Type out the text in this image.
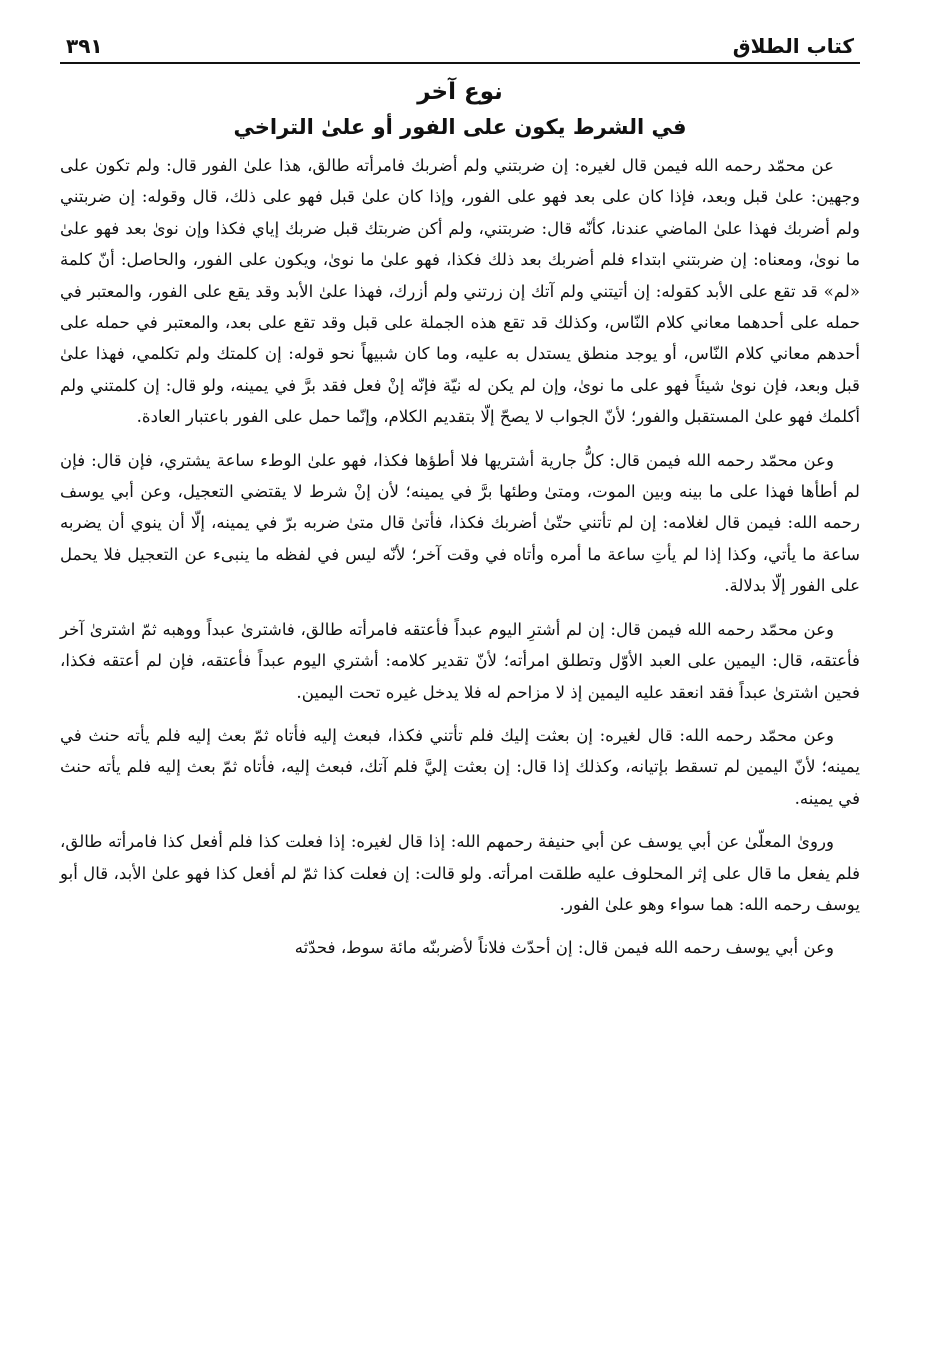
كتاب الطلاق
٣٩١
نوع آخر
في الشرط يكون على الفور أو علىٰ التراخي

عن محمّد رحمه الله فيمن قال لغيره: إن ضربتني ولم أضربك فامرأته طالق، هذا علىٰ الفور قال: ولم تكون على وجهين: علىٰ قبل وبعد، فإذا كان على بعد فهو على الفور، وإذا كان علىٰ قبل فهو على ذلك، قال وقوله: إن ضربتني ولم أضربك فهذا علىٰ الماضي عندنا، كأنّه قال: ضربتني، ولم أكن ضربتك قبل ضربك إياي فكذا وإن نوىٰ بعد فهو علىٰ ما نوىٰ، ومعناه: إن ضربتني ابتداء فلم أضربك بعد ذلك فكذا، فهو علىٰ ما نوىٰ، ويكون على الفور، والحاصل: أنّ كلمة «لم» قد تقع على الأبد كقوله: إن أتيتني ولم آتك إن زرتني ولم أزرك، فهذا علىٰ الأبد وقد يقع على الفور، والمعتبر في حمله على أحدهما معاني كلام النّاس، وكذلك قد تقع هذه الجملة على قبل وقد تقع على بعد، والمعتبر في حمله على أحدهم معاني كلام النّاس، أو يوجد منطق يستدل به عليه، وما كان شبيهاً نحو قوله: إن كلمتك ولم تكلمي، فهذا علىٰ قبل وبعد، فإن نوىٰ شيئاً فهو على ما نوىٰ، وإن لم يكن له نيّة فإنّه إنْ فعل فقد برَّ في يمينه، ولو قال: إن كلمتني ولم أكلمك فهو علىٰ المستقبل والفور؛ لأنّ الجواب لا يصحّ إلّا بتقديم الكلام، وإنّما حمل على الفور باعتبار العادة.

وعن محمّد رحمه الله فيمن قال: كلُّ جارية أشتريها فلا أطؤها فكذا، فهو علىٰ الوطء ساعة يشتري، فإن قال: فإن لم أطأها فهذا على ما بينه وبين الموت، ومتىٰ وطئها برَّ في يمينه؛ لأن إنْ شرط لا يقتضي التعجيل، وعن أبي يوسف رحمه الله: فيمن قال لغلامه: إن لم تأتني حتّىٰ أضربك فكذا، فأتىٰ قال متىٰ ضربه برّ في يمينه، إلّا أن ينوي أن يضربه ساعة ما يأتي، وكذا إذا لم يأتِ ساعة ما أمره وأتاه في وقت آخر؛ لأنّه ليس في لفظه ما ينبىء عن التعجيل فلا يحمل على الفور إلّا بدلالة.

وعن محمّد رحمه الله فيمن قال: إن لم أشترِ اليوم عبداً فأعتقه فامرأته طالق، فاشترىٰ عبداً ووهبه ثمّ اشترىٰ آخر فأعتقه، قال: اليمين على العبد الأوّل وتطلق امرأته؛ لأنّ تقدير كلامه: أشتري اليوم عبداً فأعتقه، فإن لم أعتقه فكذا، فحين اشترىٰ عبداً فقد انعقد عليه اليمين إذ لا مزاحم له فلا يدخل غيره تحت اليمين.

وعن محمّد رحمه الله: قال لغيره: إن بعثت إليك فلم تأتني فكذا، فبعث إليه فأتاه ثمّ بعث إليه فلم يأته حنث في يمينه؛ لأنّ اليمين لم تسقط بإتيانه، وكذلك إذا قال: إن بعثت إليَّ فلم آتك، فبعث إليه، فأتاه ثمّ بعث إليه فلم يأته حنث في يمينه.

وروىٰ المعلّىٰ عن أبي يوسف عن أبي حنيفة رحمهم الله: إذا قال لغيره: إذا فعلت كذا فلم أفعل كذا فامرأته طالق، فلم يفعل ما قال على إثر المحلوف عليه طلقت امرأته. ولو قالت: إن فعلت كذا ثمّ لم أفعل كذا فهو علىٰ الأبد، قال أبو يوسف رحمه الله: هما سواء وهو علىٰ الفور.

وعن أبي يوسف رحمه الله فيمن قال: إن أحدّث فلاناً لأضربنّه مائة سوط، فحدّثه
